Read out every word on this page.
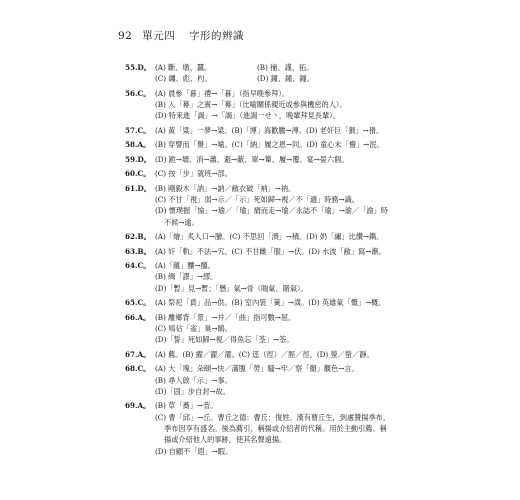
92 單元四 字形的辨識
55.D。 (A) 斷、墩、蠶。	(B) 撞、謹、拓。
(C) 纏、彪、杓。	(D) 鐘、鐘、鐘。
56.C。 (A) 晨參「暮」禮→「暮」（指早晚參拜）。
(B) 入「幕」之賓→「幕」（比喻關係親近或參與機密的人）。
(D) 特來進「謁」→「謁」（進謁一せ丶，晚輩拜見長輩）。
57.C。 (A) 黃「粱」一夢→粱。(B)「博」海歡騰→溥。(D) 老奸巨「猾」→猾。
58.A。 (B) 穿譬而「譽」→喻。(C)「納」履之恩→同。(D) 童心未「懵」→泯。
59.D。 (D) 跪→墻、消→蕭、避→蔽、單→簞、履→覆、宴→晏六個。
60.C。 (C) 按「步」就班→部。
61.D。 (B) 剛毅木「訥」→訥／敝衣破「衲」→衲。
(C) 不甘「視」弱→示／「示」死如歸→視／不「適」時務→識。
(D) 懷璞握「愉」→瑜／「瑜」瘡而走→瑜／永誌不「瑜」→渝／「渝」時
不候→逾。
62.B。 (A)「燴」炙人口→膾。(C) 不思回「潰」→積。(D) 奶「繡」比纘→鐫。
63.B。 (A) 奸「軌」不法→宄。(C) 不甘雌「服」→伏。(D) 水波「敝」寫→漸。
64.C。 (A)「蘊」釀→醞。
(B) 綢「謬」→繆。
(D)「暫」見→暫；「懸」氣→骨（喘氣、賭氣）。
65.C。 (A) 祭祀「賁」品→供。(B) 室內裝「簧」→潢。(D) 英雄氣「慨」→概。
66.A。 (B) 離鄉背「景」→井／「曲」指可數→屈。
(C) 鳩佔「雀」巢→鵲。
(D)「誓」死如歸→視／得魚忘「荃」→筌。
67.A。 (A) 薦。(B) 擢／濯／濯。(C) 逕（徑）／脛／徑。(D) 螢／螢／靜。
68.C。 (A) 大「塊」朵頤→快／滿腹「勞」騷→牢／察「顏」觀色→言。
(B) 尋人啟「示」→事。
(D)「固」步自封→故。
69.A。 (B) 草「蕎」→菅。
(C) 曹「邱」→丘。曹丘之德：曹丘：復姓。漢有曹丘生，到處贊揚季布，
季布因享有盛名。後為薦引、稱揚或介紹者的代稱。用於主動引薦、稱
揚或介紹他人的事跡，使其名聲遠揚。
(D) 自顧不「遐」→暇。
